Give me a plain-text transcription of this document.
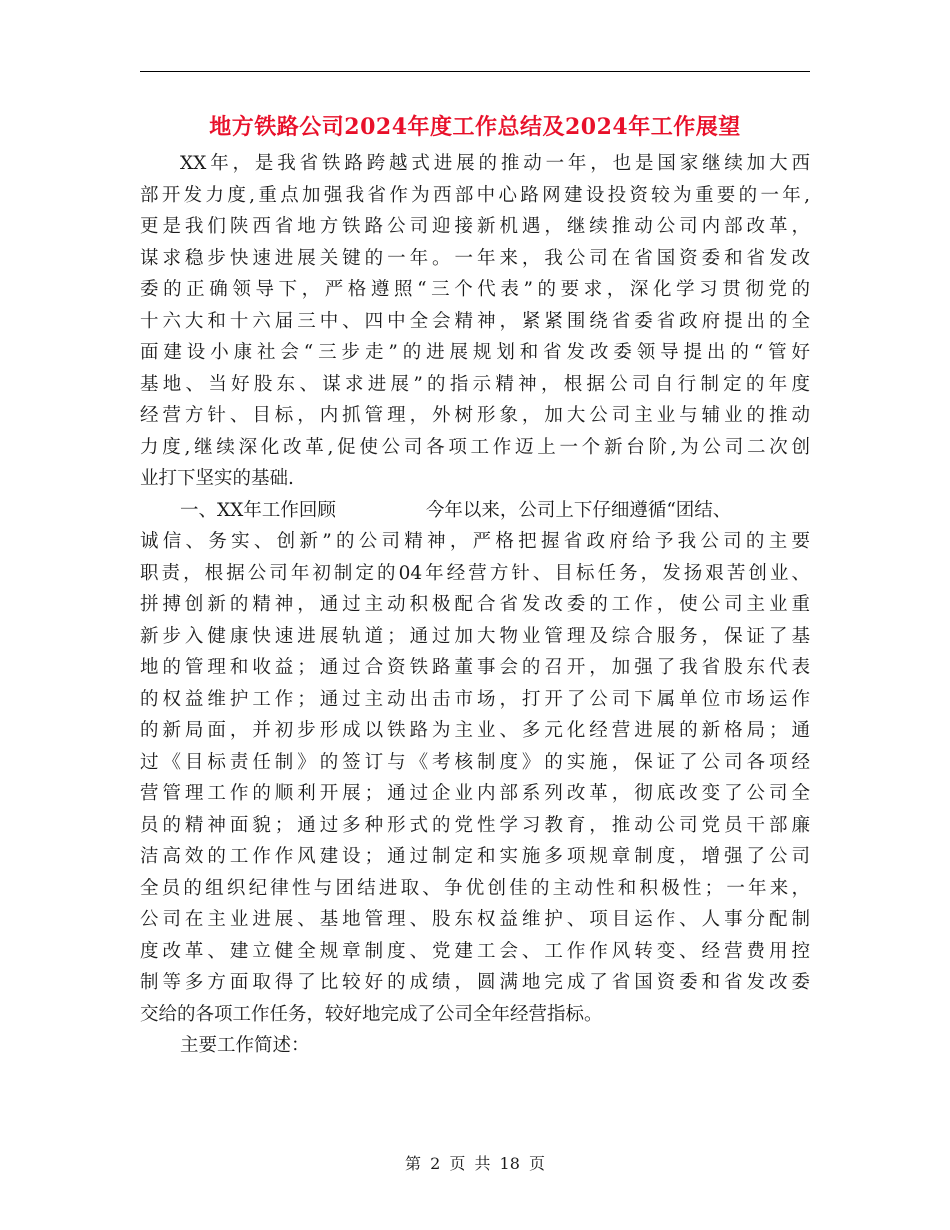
地方铁路公司2024年度工作总结及2024年工作展望
XX年，是我省铁路跨越式进展的推动一年，也是国家继续加大西
部开发力度,重点加强我省作为西部中心路网建设投资较为重要的一年,
更是我们陕西省地方铁路公司迎接新机遇，继续推动公司内部改革，
谋求稳步快速进展关键的一年。一年来，我公司在省国资委和省发改
委的正确领导下，严格遵照“三个代表”的要求，深化学习贯彻党的
十六大和十六届三中、四中全会精神，紧紧围绕省委省政府提出的全
面建设小康社会“三步走”的进展规划和省发改委领导提出的“管好
基地、当好股东、谋求进展”的指示精神，根据公司自行制定的年度
经营方针、目标，内抓管理，外树形象，加大公司主业与辅业的推动
力度,继续深化改革,促使公司各项工作迈上一个新台阶,为公司二次创
业打下坚实的基础.
一、XX年工作回顾	今年以来，公司上下仔细遵循“团结、
诚信、务实、创新”的公司精神，严格把握省政府给予我公司的主要
职责，根据公司年初制定的04年经营方针、目标任务，发扬艰苦创业、
拼搏创新的精神，通过主动积极配合省发改委的工作，使公司主业重
新步入健康快速进展轨道；通过加大物业管理及综合服务，保证了基
地的管理和收益；通过合资铁路董事会的召开，加强了我省股东代表
的权益维护工作；通过主动出击市场，打开了公司下属单位市场运作
的新局面，并初步形成以铁路为主业、多元化经营进展的新格局；通
过《目标责任制》的签订与《考核制度》的实施，保证了公司各项经
营管理工作的顺利开展；通过企业内部系列改革，彻底改变了公司全
员的精神面貌；通过多种形式的党性学习教育，推动公司党员干部廉
洁高效的工作作风建设；通过制定和实施多项规章制度，增强了公司
全员的组织纪律性与团结进取、争优创佳的主动性和积极性；一年来，
公司在主业进展、基地管理、股东权益维护、项目运作、人事分配制
度改革、建立健全规章制度、党建工会、工作作风转变、经营费用控
制等多方面取得了比较好的成绩，圆满地完成了省国资委和省发改委
交给的各项工作任务，较好地完成了公司全年经营指标。
主要工作简述：
第 2 页 共 18 页
